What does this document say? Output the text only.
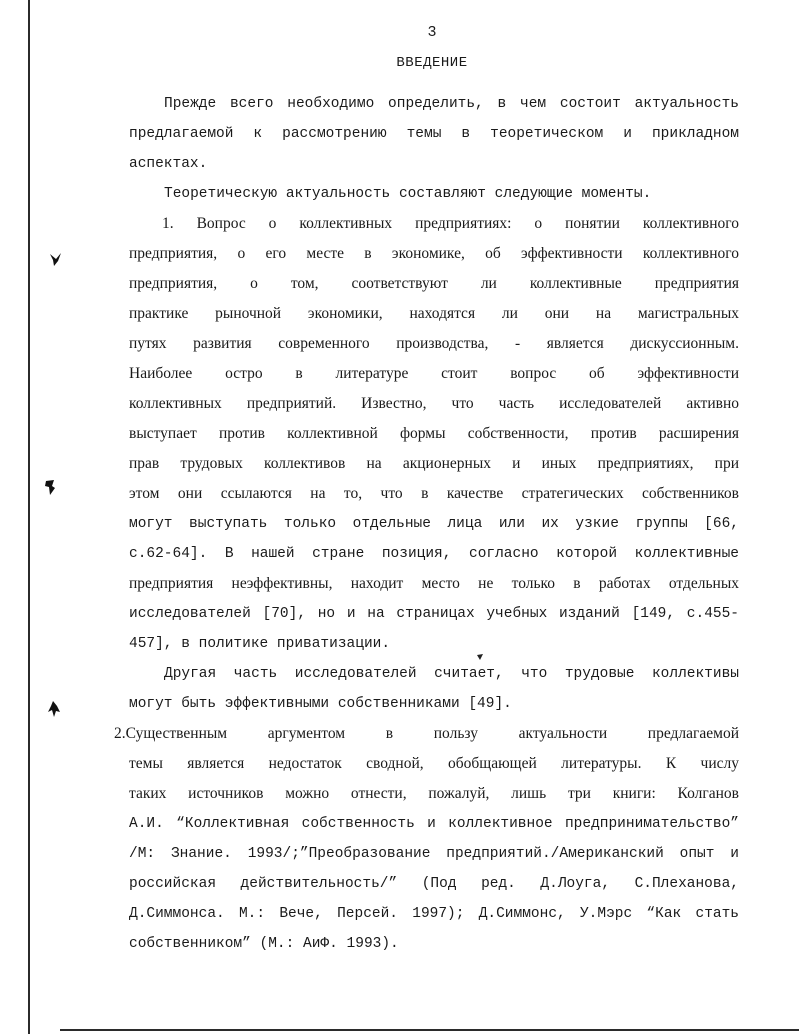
3
ВВЕДЕНИЕ
Прежде всего необходимо определить, в чем состоит актуальность
предлагаемой к рассмотрению темы в теоретическом и прикладном
аспектах.
Теоретическую актуальность составляют следующие моменты.
1. Вопрос о коллективных предприятиях: о понятии коллективного
предприятия, о его месте в экономике, об эффективности коллективного
предприятия, о том, соответствуют ли коллективные предприятия
практике рыночной экономики, находятся ли они на магистральных
путях развития современного производства, - является дискуссионным.
Наиболее остро в литературе стоит вопрос об эффективности
коллективных предприятий. Известно, что часть исследователей активно
выступает против коллективной формы собственности, против расширения
прав трудовых коллективов на акционерных и иных предприятиях, при
этом они ссылаются на то, что в качестве стратегических собственников
могут выступать только отдельные лица или их узкие группы [66,
с.62-64]. В нашей стране позиция, согласно которой коллективные
предприятия неэффективны, находит место не только в работах отдельных
исследователей [70], но и на страницах учебных изданий [149, с.455-
457], в политике приватизации.
Другая часть исследователей считает, что трудовые коллективы
могут быть эффективными собственниками [49].
2.Существенным аргументом в пользу актуальности предлагаемой
темы является недостаток сводной, обобщающей литературы. К числу
таких источников можно отнести, пожалуй, лишь три книги: Колганов
А.И. “Коллективная собственность и коллективное предпринимательство”
/М: Знание. 1993/;”Преобразование предприятий./Американский опыт и
российская действительность/” (Под ред. Д.Лоуга, С.Плеханова,
Д.Симмонса. М.: Вече, Персей. 1997); Д.Симмонс, У.Мэрс “Как стать
собственником” (М.: АиФ. 1993).
